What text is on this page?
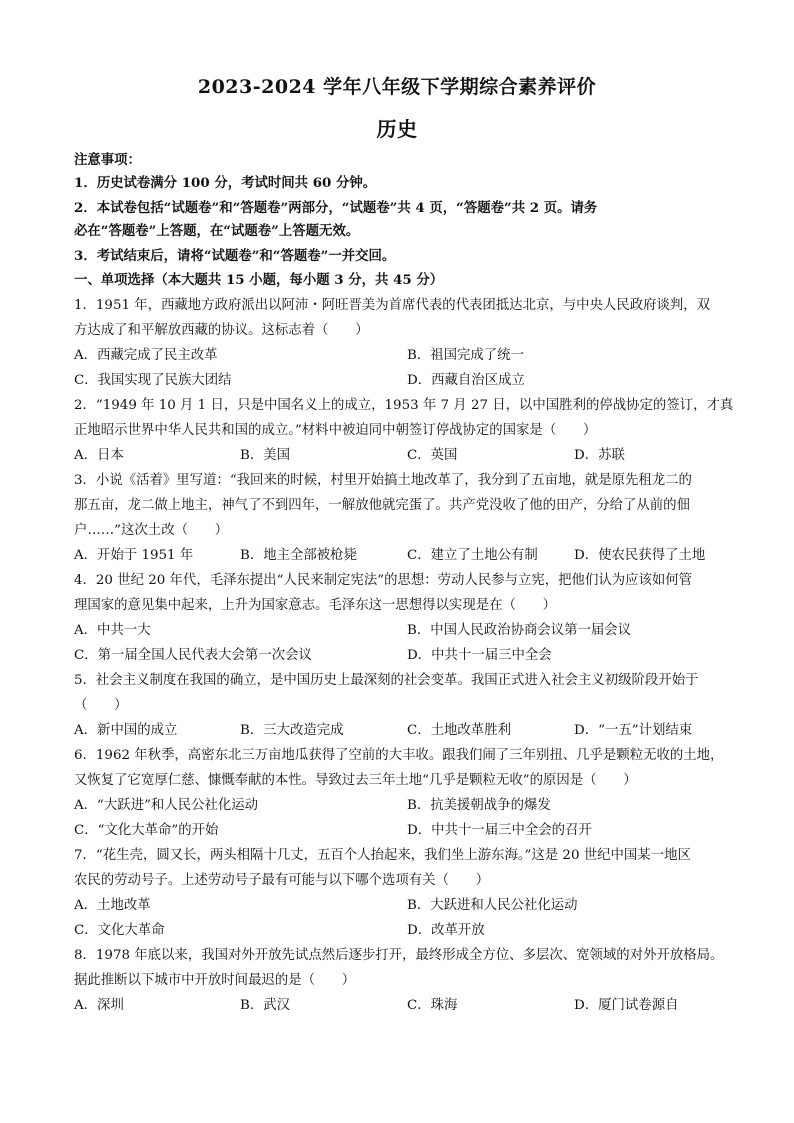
2023-2024 学年八年级下学期综合素养评价
历史
注意事项：
1．历史试卷满分 100 分，考试时间共 60 分钟。
2．本试卷包括“试题卷”和“答题卷”两部分，“试题卷”共 4 页，“答题卷”共 2 页。请务
必在“答题卷”上答题，在“试题卷”上答题无效。
3．考试结束后，请将“试题卷”和“答题卷”一并交回。
一、单项选择（本大题共 15 小题，每小题 3 分，共 45 分）
1．1951 年，西藏地方政府派出以阿沛・阿旺晋美为首席代表的代表团抵达北京，与中央人民政府谈判，双
方达成了和平解放西藏的协议。这标志着（　　）
A．西藏完成了民主改革	B．祖国完成了统一
C．我国实现了民族大团结	D．西藏自治区成立
2．“1949 年 10 月 1 日，只是中国名义上的成立，1953 年 7 月 27 日，以中国胜利的停战协定的签订，才真
正地昭示世界中华人民共和国的成立。”材料中被迫同中朝签订停战协定的国家是（　　）
A．日本	B．美国	C．英国	D．苏联
3．小说《活着》里写道：“我回来的时候，村里开始搞土地改革了，我分到了五亩地，就是原先租龙二的
那五亩，龙二做上地主，神气了不到四年，一解放他就完蛋了。共产党没收了他的田产，分给了从前的佃
户……”这次土改（　　）
A．开始于 1951 年	B．地主全部被枪毙	C．建立了土地公有制	D．使农民获得了土地
4．20 世纪 20 年代，毛泽东提出“人民来制定宪法”的思想：劳动人民参与立宪，把他们认为应该如何管
理国家的意见集中起来，上升为国家意志。毛泽东这一思想得以实现是在（　　）
A．中共一大	B．中国人民政治协商会议第一届会议
C．第一届全国人民代表大会第一次会议	D．中共十一届三中全会
5．社会主义制度在我国的确立，是中国历史上最深刻的社会变革。我国正式进入社会主义初级阶段开始于
（　　）
A．新中国的成立	B．三大改造完成	C．土地改革胜利	D．“一五”计划结束
6．1962 年秋季，高密东北三万亩地瓜获得了空前的大丰收。跟我们闹了三年别扭、几乎是颗粒无收的土地，
又恢复了它宽厚仁慈、慷慨奉献的本性。导致过去三年土地“几乎是颗粒无收”的原因是（　　）
A．“大跃进”和人民公社化运动	B．抗美援朝战争的爆发
C．“文化大革命”的开始	D．中共十一届三中全会的召开
7．“花生壳，圆又长，两头相隔十几丈，五百个人抬起来，我们坐上游东海。”这是 20 世纪中国某一地区
农民的劳动号子。上述劳动号子最有可能与以下哪个选项有关（　　）
A．土地改革	B．大跃进和人民公社化运动
C．文化大革命	D．改革开放
8．1978 年底以来，我国对外开放先试点然后逐步打开，最终形成全方位、多层次、宽领域的对外开放格局。
据此推断以下城市中开放时间最迟的是（　　）
A．深圳	B．武汉	C．珠海	D．厦门试卷源自
